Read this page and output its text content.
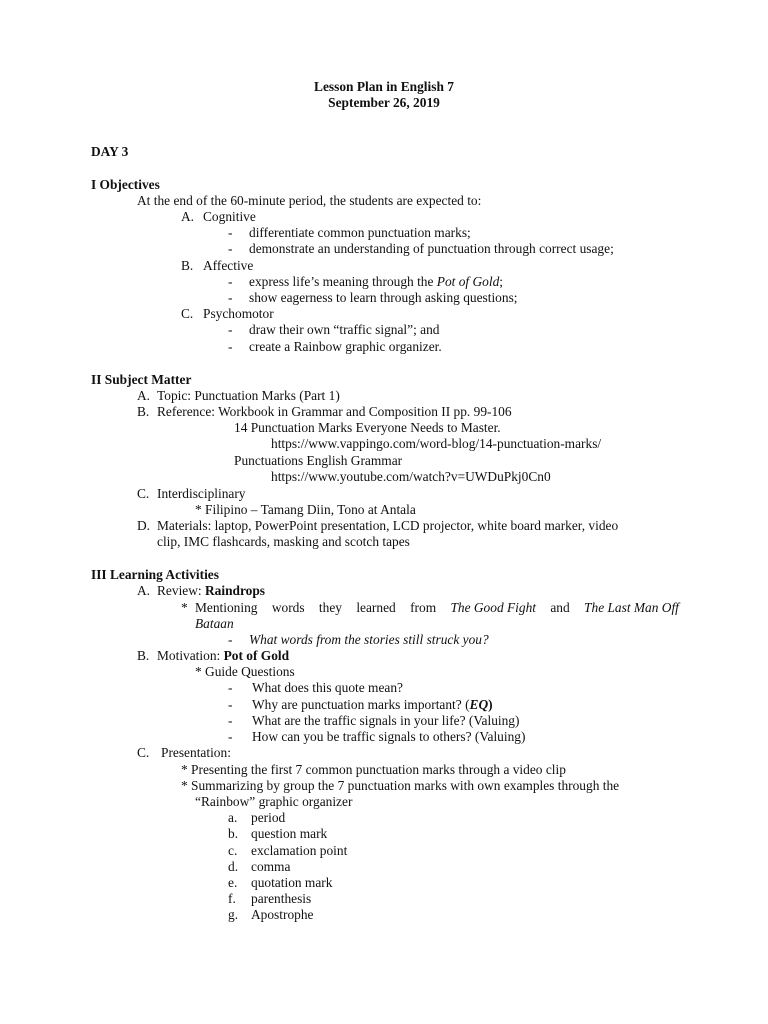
Lesson Plan in English 7
September 26, 2019
DAY 3
I Objectives
At the end of the 60-minute period, the students are expected to:
A. Cognitive
- differentiate common punctuation marks;
- demonstrate an understanding of punctuation through correct usage;
B. Affective
- express life’s meaning through the Pot of Gold;
- show eagerness to learn through asking questions;
C. Psychomotor
- draw their own “traffic signal”; and
- create a Rainbow graphic organizer.
II Subject Matter
A. Topic: Punctuation Marks (Part 1)
B. Reference: Workbook in Grammar and Composition II pp. 99-106
14 Punctuation Marks Everyone Needs to Master.
https://www.vappingo.com/word-blog/14-punctuation-marks/
Punctuations English Grammar
https://www.youtube.com/watch?v=UWDuPkj0Cn0
C. Interdisciplinary
* Filipino – Tamang Diin, Tono at Antala
D. Materials: laptop, PowerPoint presentation, LCD projector, white board marker, video
clip, IMC flashcards, masking and scotch tapes
III Learning Activities
A. Review: Raindrops
* Mentioning words they learned from The Good Fight and The Last Man Off
Bataan
- What words from the stories still struck you?
B. Motivation: Pot of Gold
* Guide Questions
- What does this quote mean?
- Why are punctuation marks important? (EQ)
- What are the traffic signals in your life? (Valuing)
- How can you be traffic signals to others? (Valuing)
C. Presentation:
* Presenting the first 7 common punctuation marks through a video clip
* Summarizing by group the 7 punctuation marks with own examples through the
“Rainbow” graphic organizer
a. period
b. question mark
c. exclamation point
d. comma
e. quotation mark
f. parenthesis
g. Apostrophe
